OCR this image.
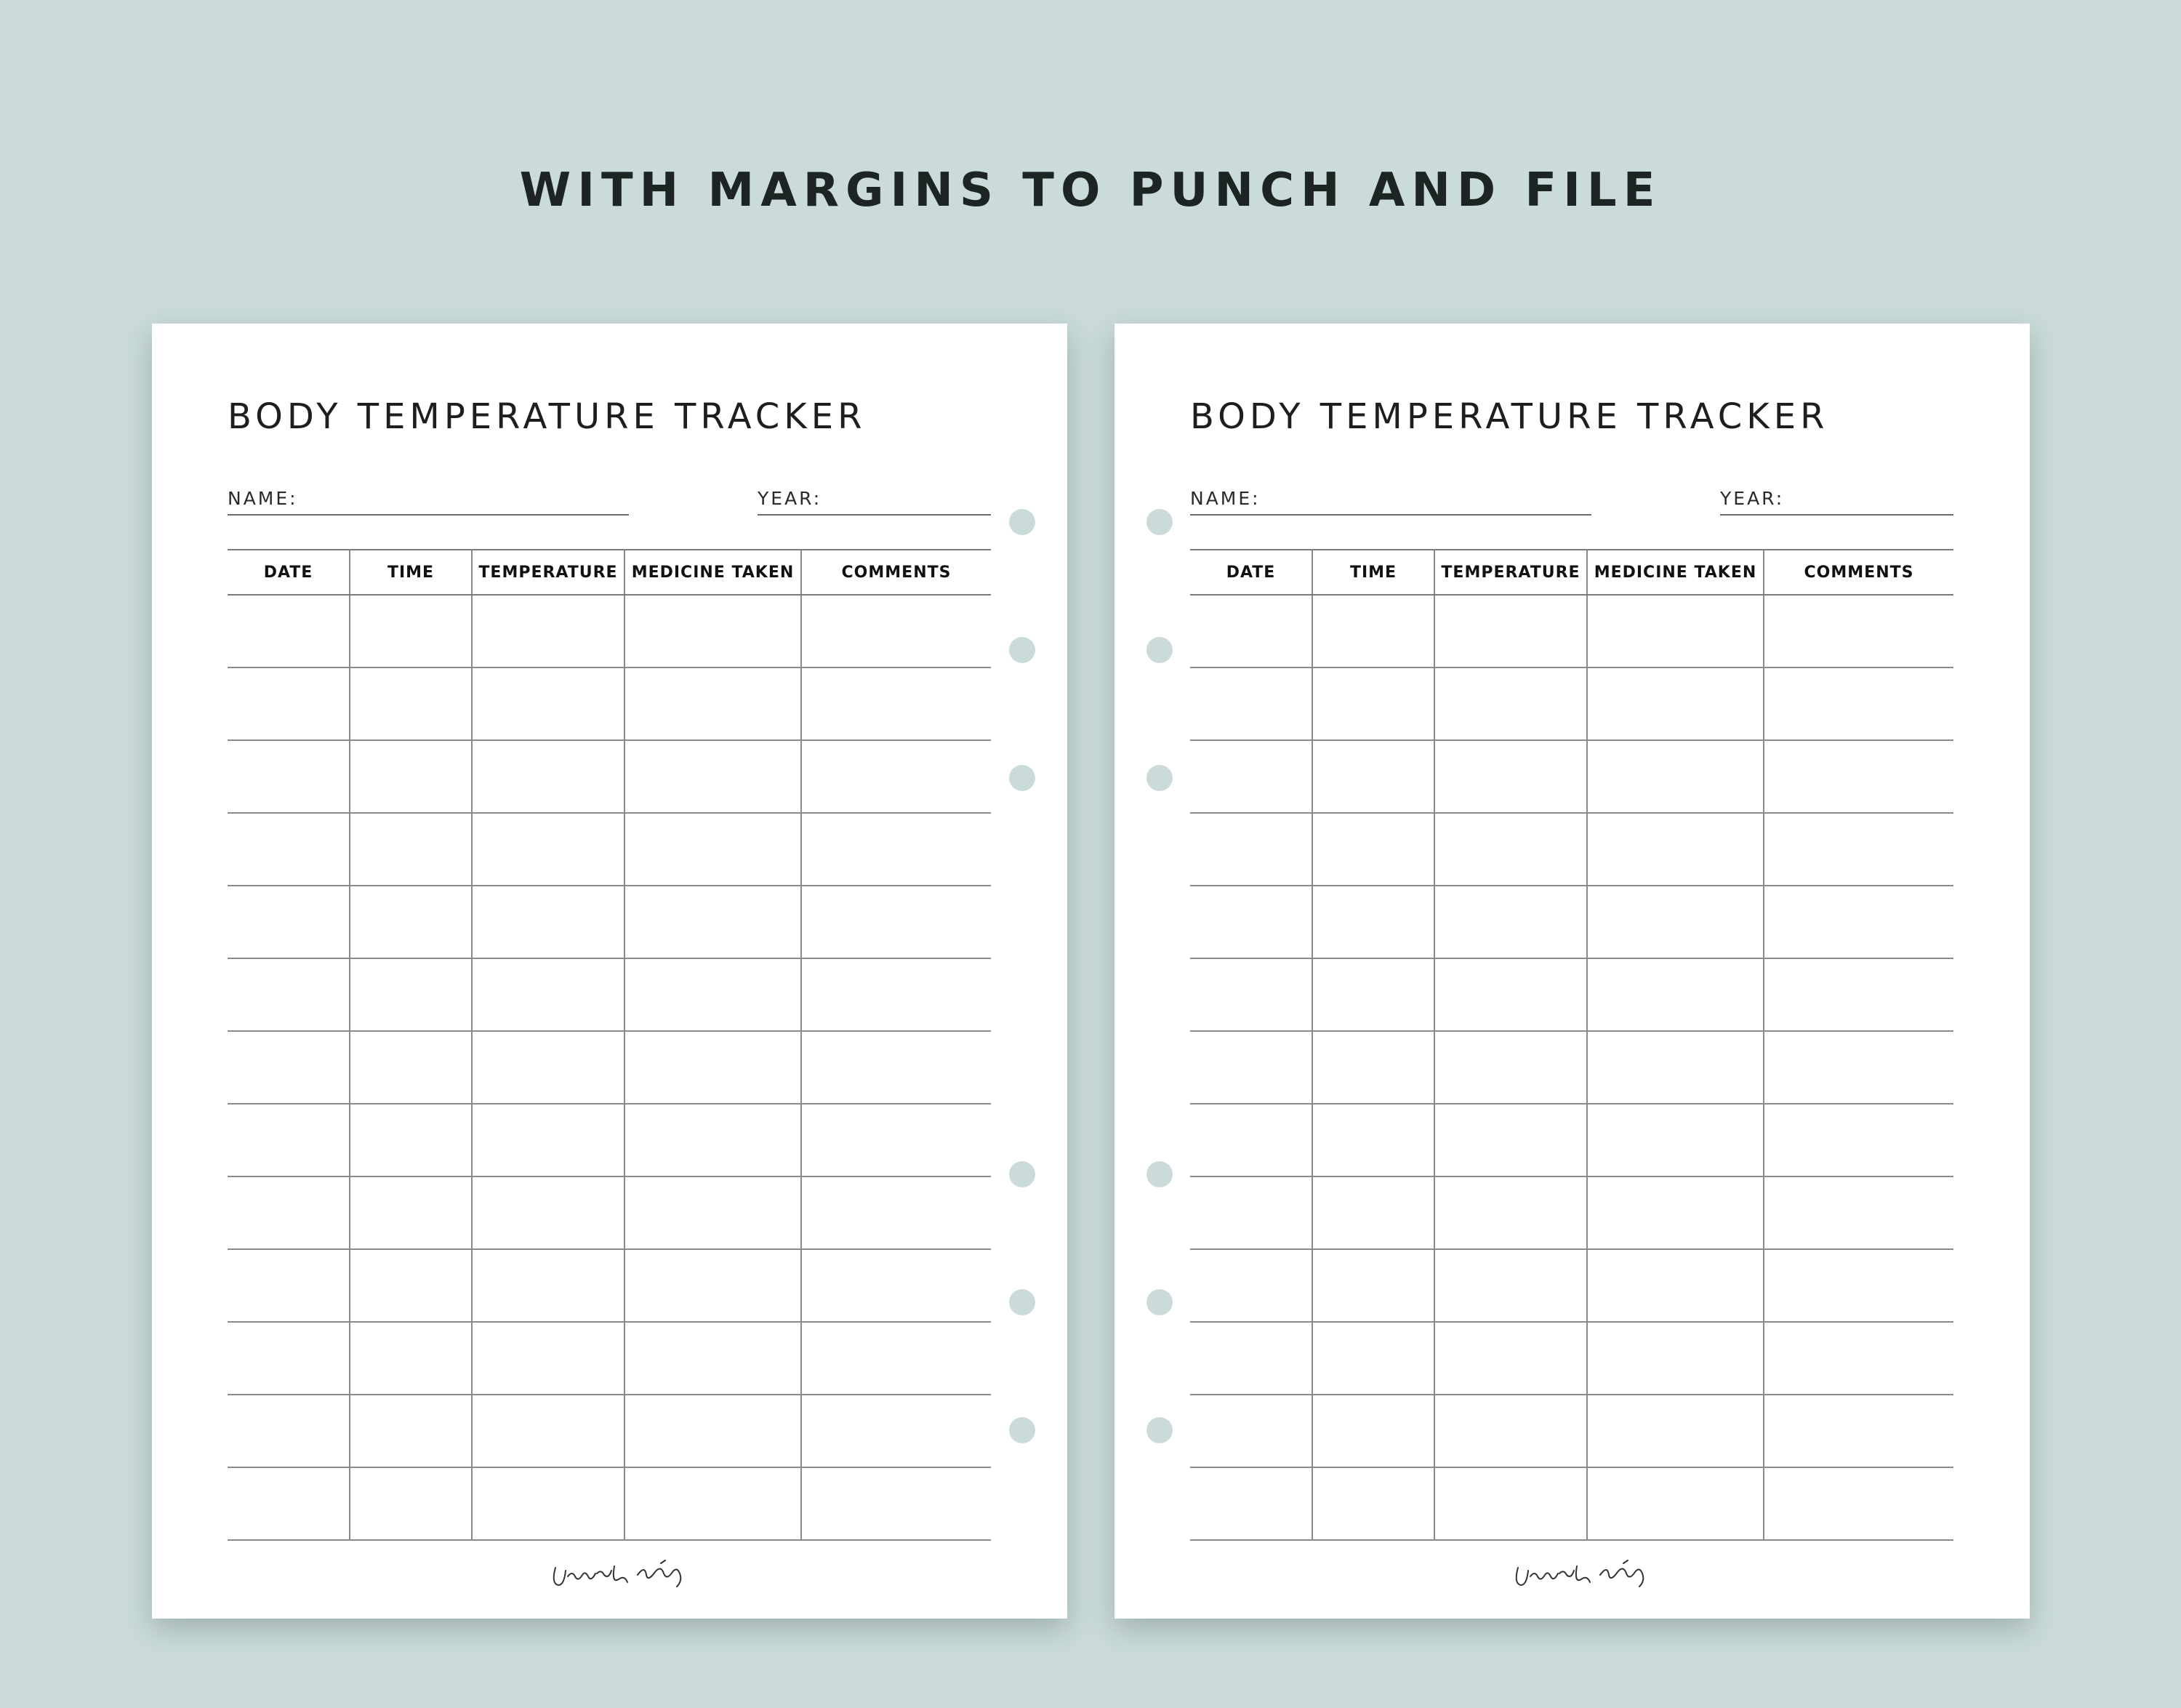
WITH MARGINS TO PUNCH AND FILE
BODY TEMPERATURE TRACKER
NAME:	YEAR:
DATE	TIME	TEMPERATURE	MEDICINE TAKEN	COMMENTS

BODY TEMPERATURE TRACKER
NAME:	YEAR:
DATE	TIME	TEMPERATURE	MEDICINE TAKEN	COMMENTS
